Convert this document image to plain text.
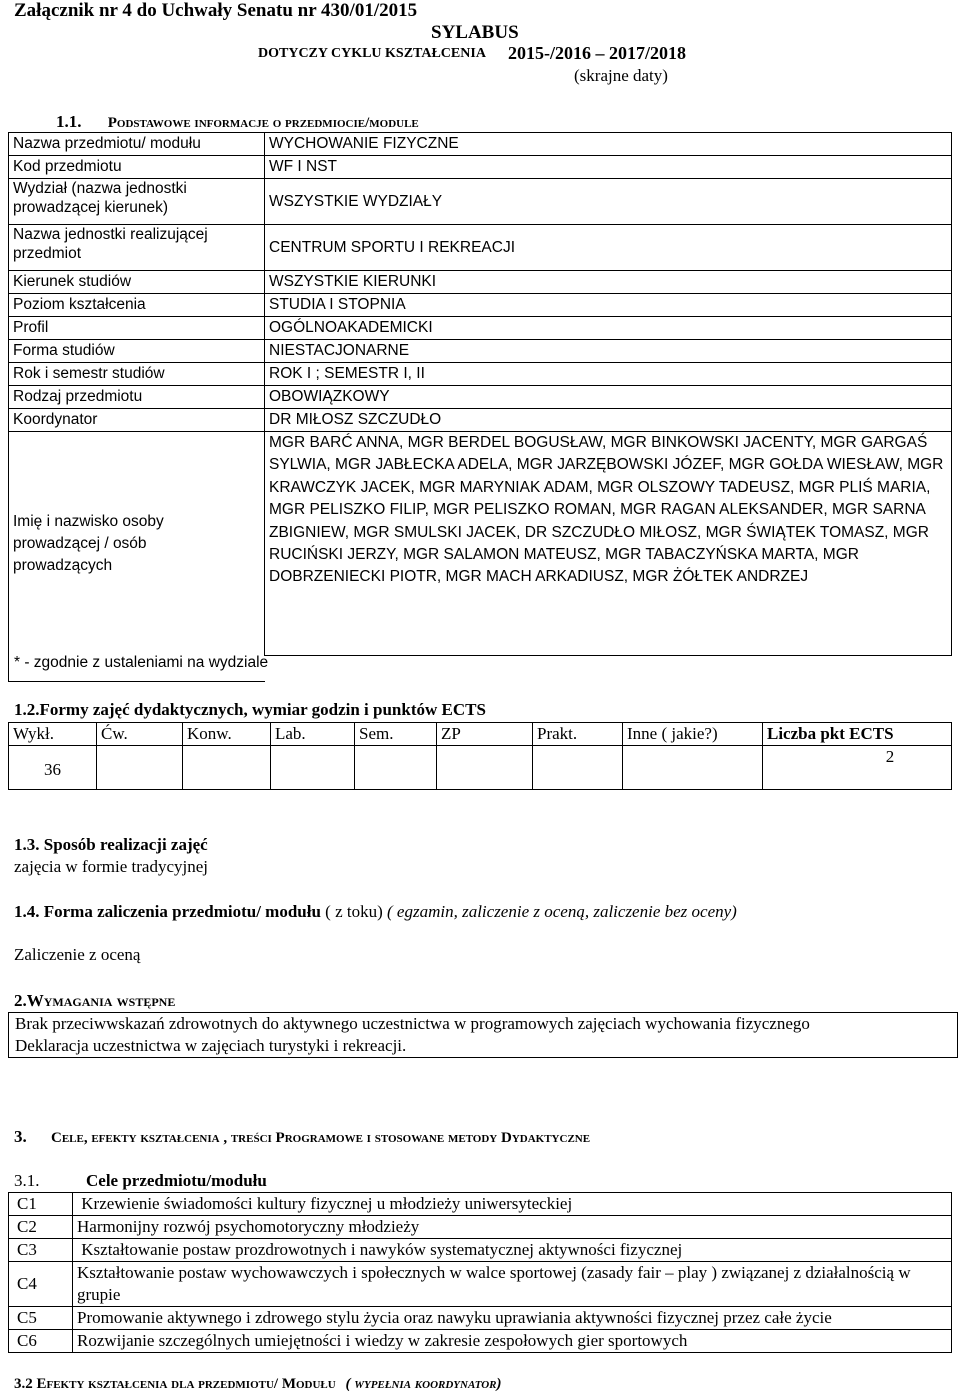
Załącznik nr 4 do Uchwały Senatu nr 430/01/2015
SYLABUS
DOTYCZY CYKLU KSZTAŁCENIA 2015-/2016 – 2017/2018
(skrajne daty)
1.1. Podstawowe informacje o przedmiocie/module
Nazwa przedmiotu/ modułu	WYCHOWANIE FIZYCZNE
Kod przedmiotu	WF I NST

Wydział (nazwa jednostki prowadzącej kierunek)	WSZYSTKIE WYDZIAŁY

Nazwa jednostki realizującej przedmiot	CENTRUM SPORTU I REKREACJI
Kierunek studiów	WSZYSTKIE KIERUNKI
Poziom kształcenia	STUDIA I STOPNIA
Profil	OGÓLNOAKADEMICKI
Forma studiów	NIESTACJONARNE
Rok i semestr studiów	ROK I ; SEMESTR I, II
Rodzaj przedmiotu	OBOWIĄZKOWY
Koordynator	DR MIŁOSZ SZCZUDŁO

Imię i nazwisko osoby prowadzącej / osób prowadzących	MGR BARĆ ANNA, MGR BERDEL BOGUSŁAW, MGR BINKOWSKI JACENTY, MGR GARGAŚ SYLWIA, MGR JABŁECKA ADELA, MGR JARZĘBOWSKI JÓZEF, MGR GOŁDA WIESŁAW, MGR KRAWCZYK JACEK, MGR MARYNIAK ADAM, MGR OLSZOWY TADEUSZ, MGR PLIŚ MARIA, MGR PELISZKO FILIP, MGR PELISZKO ROMAN, MGR RAGAN ALEKSANDER, MGR SARNA ZBIGNIEW, MGR SMULSKI JACEK, DR SZCZUDŁO MIŁOSZ, MGR ŚWIĄTEK TOMASZ, MGR RUCIŃSKI JERZY, MGR SALAMON MATEUSZ, MGR TABACZYŃSKA MARTA, MGR DOBRZENIECKI PIOTR, MGR MACH ARKADIUSZ, MGR ŻÓŁTEK ANDRZEJ
* - zgodnie z ustaleniami na wydziale
1.2.Formy zajęć dydaktycznych, wymiar godzin i punktów ECTS
Wykł.	Ćw.	Konw.	Lab.	Sem.	ZP	Prakt.	Inne ( jakie?)	Liczba pkt ECTS
36								2
1.3. Sposób realizacji zajęć
zajęcia w formie tradycyjnej
1.4. Forma zaliczenia przedmiotu/ modułu ( z toku) ( egzamin, zaliczenie z oceną, zaliczenie bez oceny)
Zaliczenie z oceną
2.Wymagania wstępne
Brak przeciwwskazań zdrowotnych do aktywnego uczestnictwa w programowych zajęciach wychowania fizycznego
Deklaracja uczestnictwa w zajęciach turystyki i rekreacji.
3. Cele, efekty kształcenia , treści Programowe i stosowane metody Dydaktyczne
3.1.	Cele przedmiotu/modułu
C1	Krzewienie świadomości kultury fizycznej u młodzieży uniwersyteckiej
C2	Harmonijny rozwój psychomotoryczny młodzieży
C3	Kształtowanie postaw prozdrowotnych i nawyków systematycznej aktywności fizycznej
C4	Kształtowanie postaw wychowawczych i społecznych w walce sportowej (zasady fair – play ) związanej z działalnością w grupie

C5	Promowanie aktywnego i zdrowego stylu życia oraz nawyku uprawiania aktywności fizycznej przez całe życie
C6	Rozwijanie szczególnych umiejętności i wiedzy w zakresie zespołowych gier sportowych
3.2 Efekty kształcenia dla przedmiotu/ Modułu ( wypełnia koordynator)
